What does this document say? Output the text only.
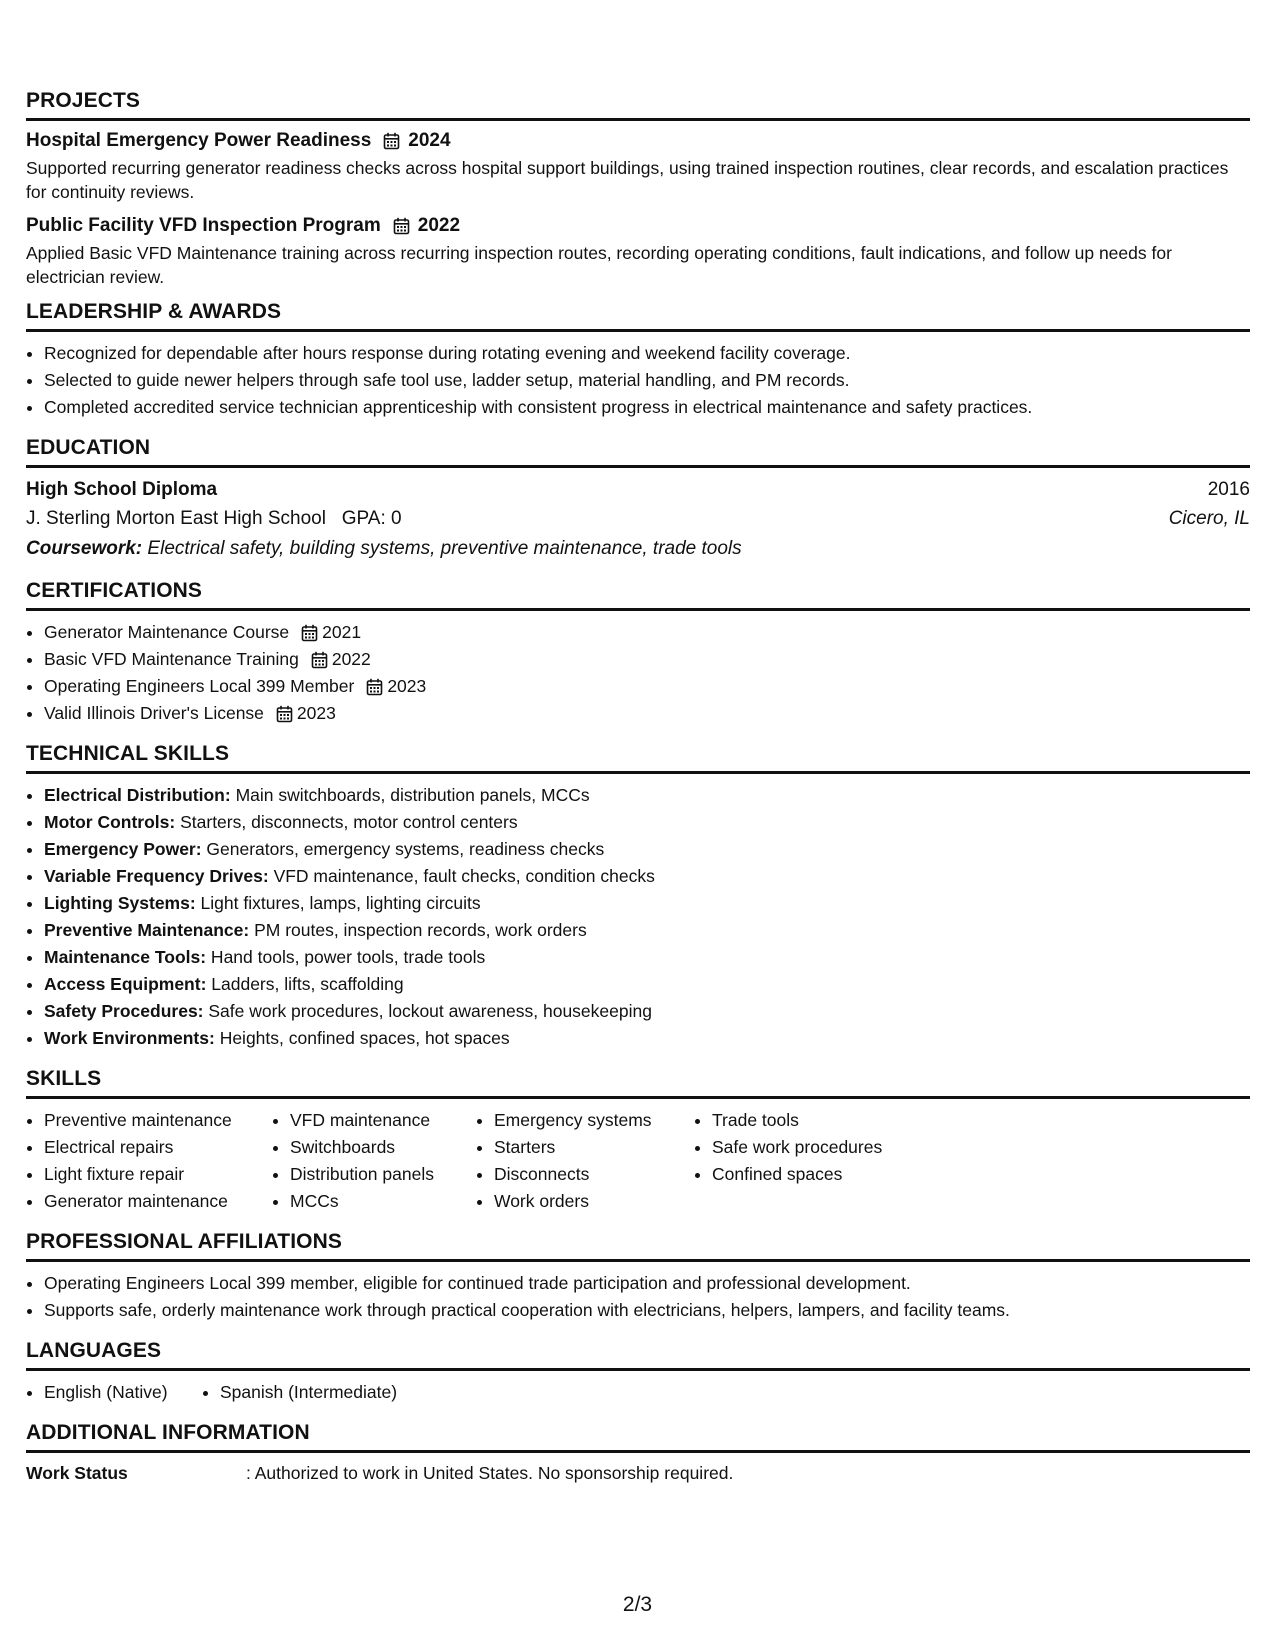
PROJECTS
Hospital Emergency Power Readiness 2024
Supported recurring generator readiness checks across hospital support buildings, using trained inspection routines, clear records, and escalation practices for continuity reviews.
Public Facility VFD Inspection Program 2022
Applied Basic VFD Maintenance training across recurring inspection routes, recording operating conditions, fault indications, and follow up needs for electrician review.
LEADERSHIP & AWARDS
• Recognized for dependable after hours response during rotating evening and weekend facility coverage.
• Selected to guide newer helpers through safe tool use, ladder setup, material handling, and PM records.
• Completed accredited service technician apprenticeship with consistent progress in electrical maintenance and safety practices.
EDUCATION
High School Diploma	2016
J. Sterling Morton East High School   GPA: 0	Cicero, IL
Coursework: Electrical safety, building systems, preventive maintenance, trade tools
CERTIFICATIONS
• Generator Maintenance Course 2021
• Basic VFD Maintenance Training 2022
• Operating Engineers Local 399 Member 2023
• Valid Illinois Driver's License 2023
TECHNICAL SKILLS
• Electrical Distribution: Main switchboards, distribution panels, MCCs
• Motor Controls: Starters, disconnects, motor control centers
• Emergency Power: Generators, emergency systems, readiness checks
• Variable Frequency Drives: VFD maintenance, fault checks, condition checks
• Lighting Systems: Light fixtures, lamps, lighting circuits
• Preventive Maintenance: PM routes, inspection records, work orders
• Maintenance Tools: Hand tools, power tools, trade tools
• Access Equipment: Ladders, lifts, scaffolding
• Safety Procedures: Safe work procedures, lockout awareness, housekeeping
• Work Environments: Heights, confined spaces, hot spaces
SKILLS
• Preventive maintenance
• Electrical repairs
• Light fixture repair
• Generator maintenance
• VFD maintenance
• Switchboards
• Distribution panels
• MCCs
• Emergency systems
• Starters
• Disconnects
• Work orders
• Trade tools
• Safe work procedures
• Confined spaces
PROFESSIONAL AFFILIATIONS
• Operating Engineers Local 399 member, eligible for continued trade participation and professional development.
• Supports safe, orderly maintenance work through practical cooperation with electricians, helpers, lampers, and facility teams.
LANGUAGES
• English (Native)
•	Spanish (Intermediate)
ADDITIONAL INFORMATION
Work Status	: Authorized to work in United States. No sponsorship required.
2/3
